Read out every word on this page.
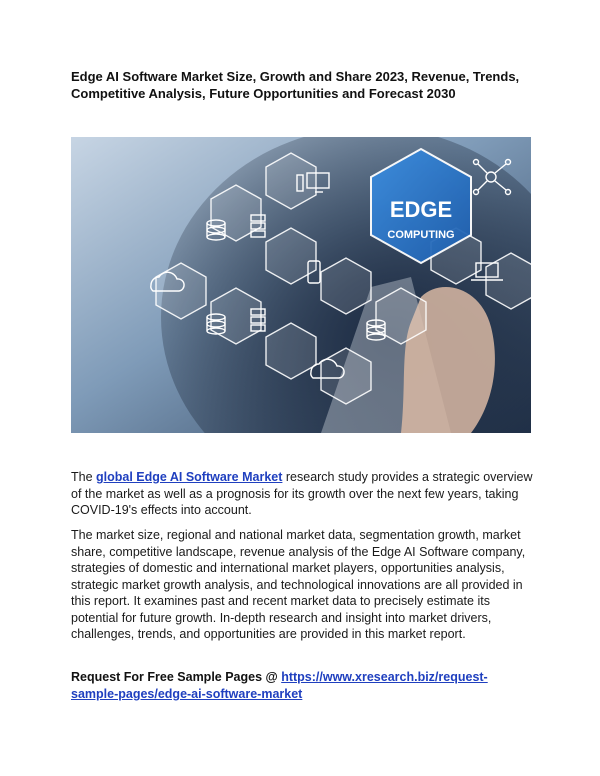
Edge AI Software Market Size, Growth and Share 2023, Revenue, Trends, Competitive Analysis, Future Opportunities and Forecast 2030
EDGE
COMPUTING

The global Edge AI Software Market research study provides a strategic overview of the market as well as a prognosis for its growth over the next few years, taking COVID-19's effects into account.

The market size, regional and national market data, segmentation growth, market share, competitive landscape, revenue analysis of the Edge AI Software company, strategies of domestic and international market players, opportunities analysis, strategic market growth analysis, and technological innovations are all provided in this report. It examines past and recent market data to precisely estimate its potential for future growth. In-depth research and insight into market drivers, challenges, trends, and opportunities are provided in this market report.

Request For Free Sample Pages @ https://www.xresearch.biz/request-sample-pages/edge-ai-software-market
